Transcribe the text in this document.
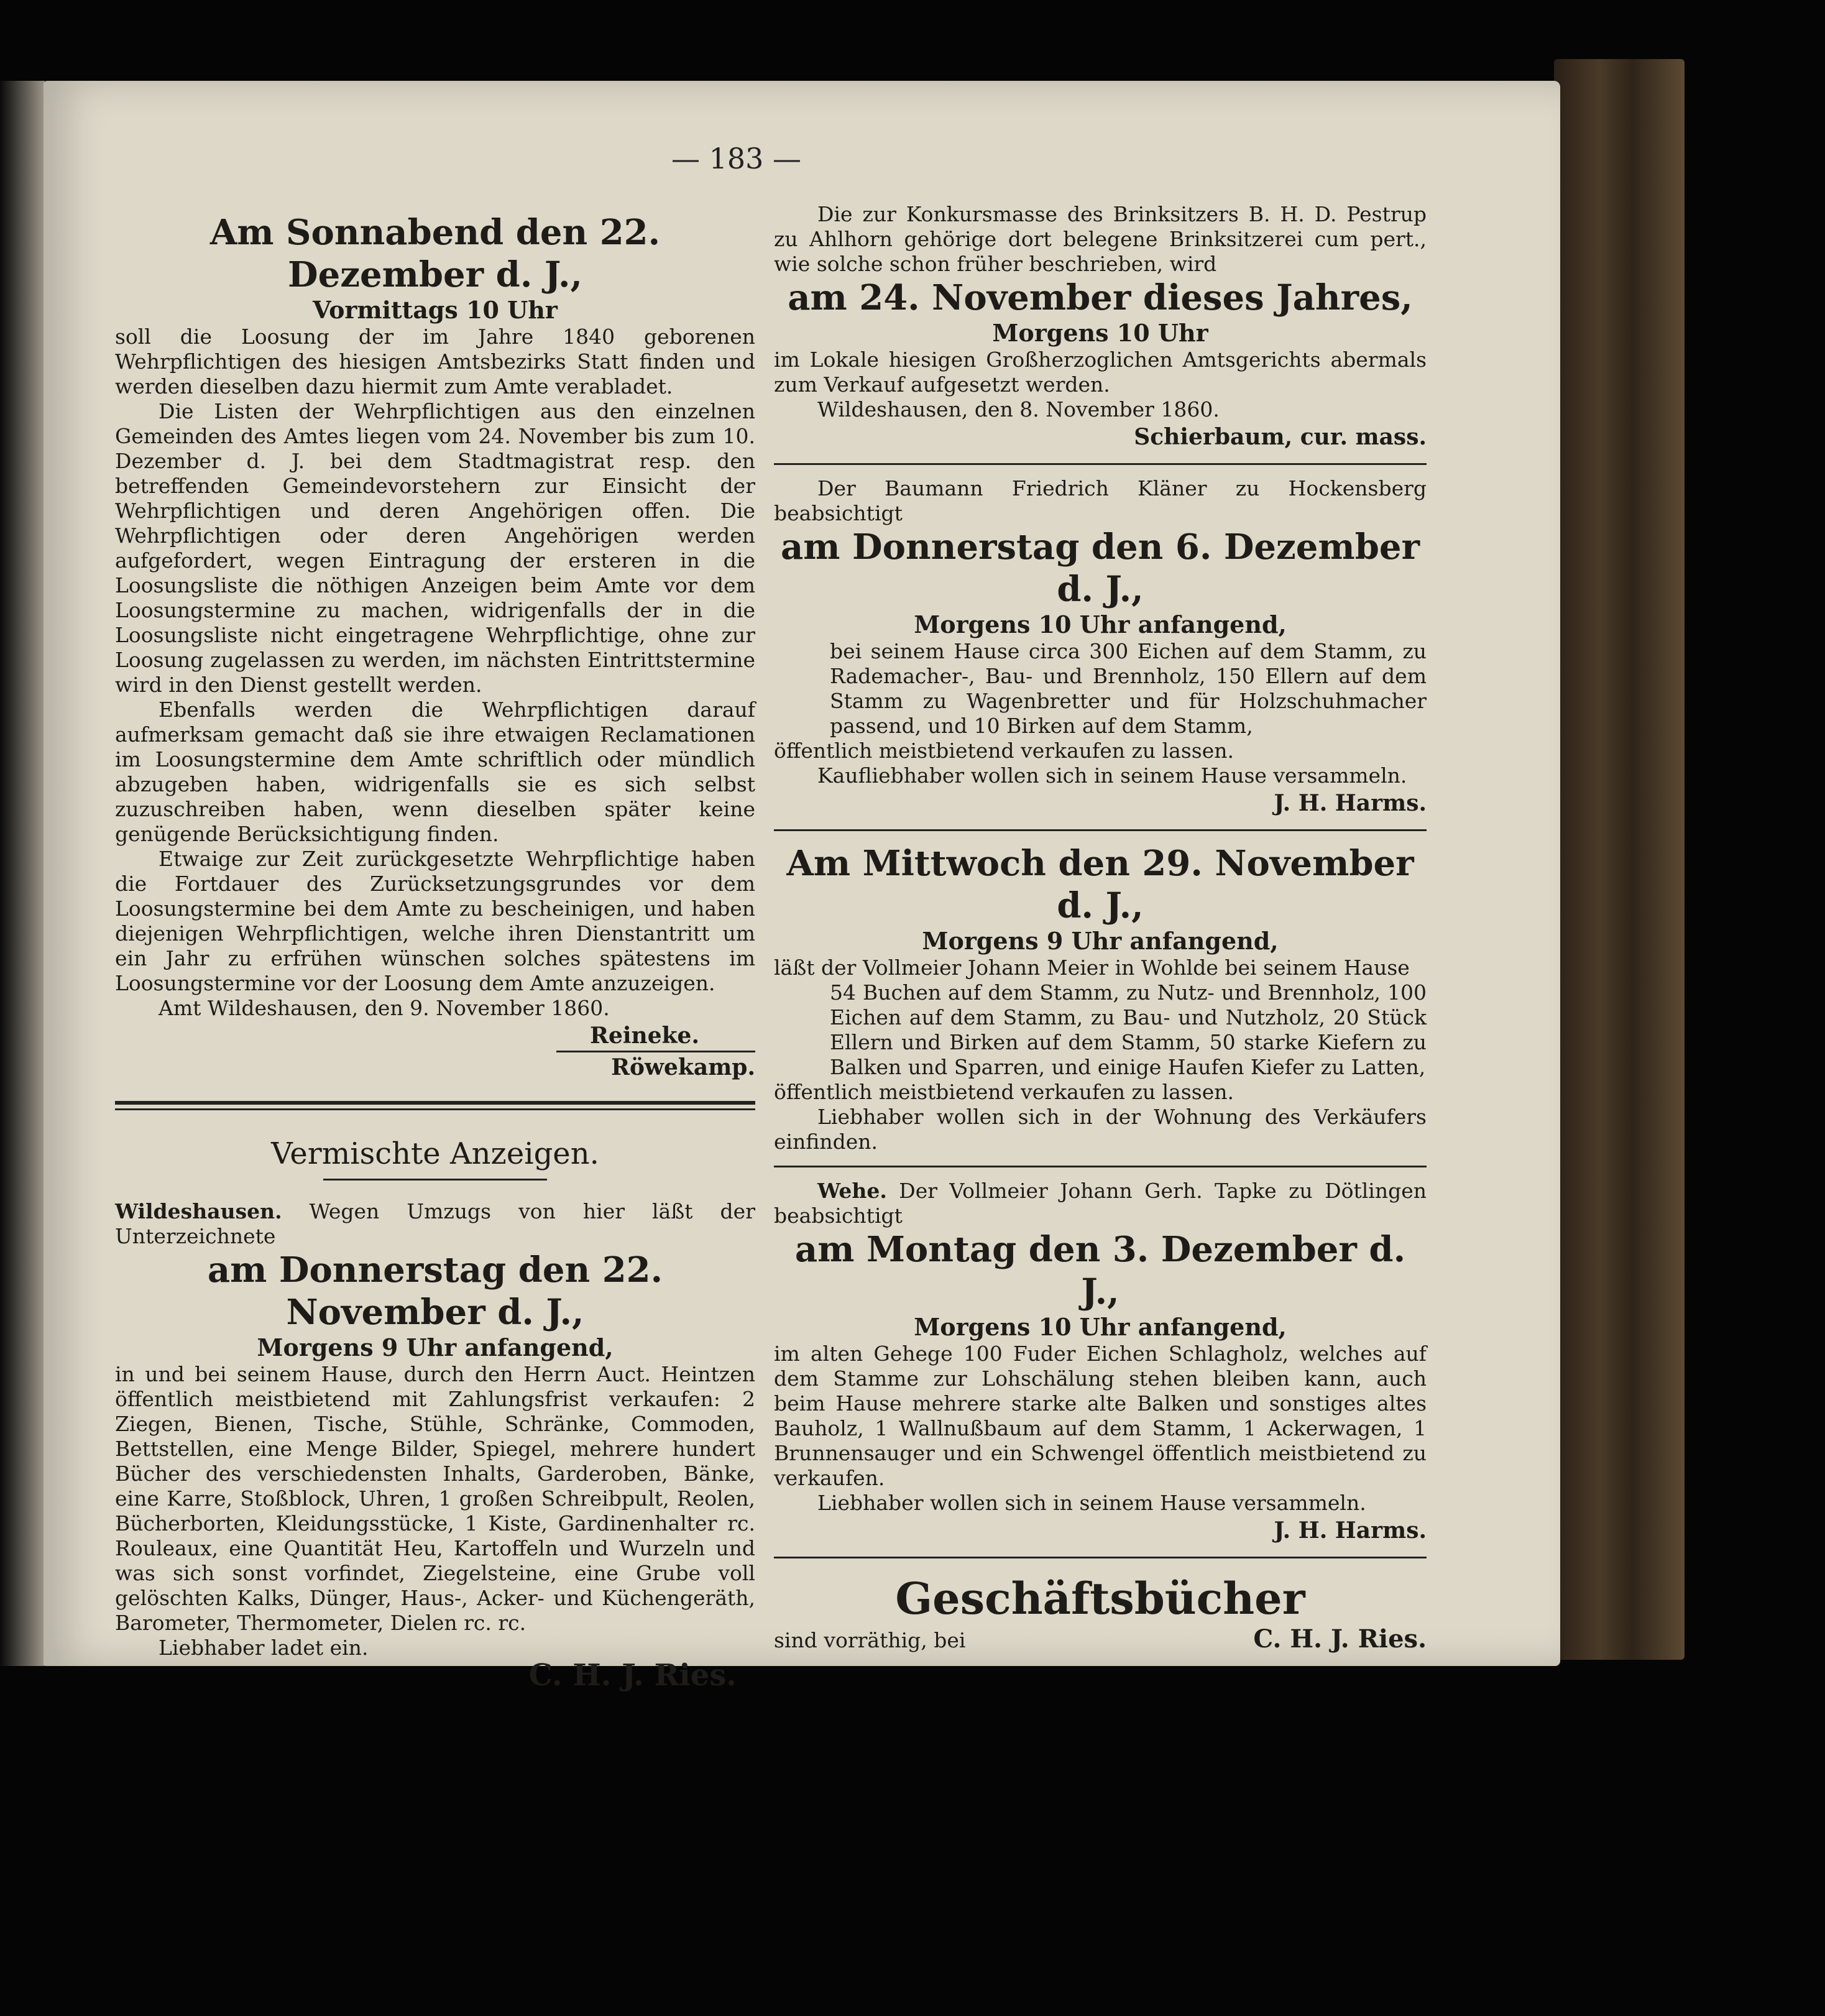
— 183 —

Am Sonnabend den 22. Dezember d. J.,

Vormittags 10 Uhr

soll die Loosung der im Jahre 1840 geborenen Wehrpflichtigen des hiesigen Amtsbezirks Statt finden und werden dieselben dazu hiermit zum Amte verabladet.

Die Listen der Wehrpflichtigen aus den einzelnen Gemeinden des Amtes liegen vom 24. November bis zum 10. Dezember d. J. bei dem Stadtmagistrat resp. den betreffenden Gemeindevorstehern zur Einsicht der Wehrpflichtigen und deren Angehörigen offen. Die Wehrpflichtigen oder deren Angehörigen werden aufgefordert, wegen Eintragung der ersteren in die Loosungsliste die nöthigen Anzeigen beim Amte vor dem Loosungstermine zu machen, widrigenfalls der in die Loosungsliste nicht eingetragene Wehrpflichtige, ohne zur Loosung zugelassen zu werden, im nächsten Eintrittstermine wird in den Dienst gestellt werden.

Ebenfalls werden die Wehrpflichtigen darauf aufmerksam gemacht daß sie ihre etwaigen Reclamationen im Loosungstermine dem Amte schriftlich oder mündlich abzugeben haben, widrigenfalls sie es sich selbst zuzuschreiben haben, wenn dieselben später keine genügende Berücksichtigung finden.

Etwaige zur Zeit zurückgesetzte Wehrpflichtige haben die Fortdauer des Zurücksetzungsgrundes vor dem Loosungstermine bei dem Amte zu bescheinigen, und haben diejenigen Wehrpflichtigen, welche ihren Dienstantritt um ein Jahr zu erfrühen wünschen solches spätestens im Loosungstermine vor der Loosung dem Amte anzuzeigen.

Amt Wildeshausen, den 9. November 1860.

Reineke.

Röwekamp.

Vermischte Anzeigen.

Wildeshausen. Wegen Umzugs von hier läßt der Unterzeichnete

am Donnerstag den 22. November d. J.,

Morgens 9 Uhr anfangend,

in und bei seinem Hause, durch den Herrn Auct. Heintzen öffentlich meistbietend mit Zahlungsfrist verkaufen: 2 Ziegen, Bienen, Tische, Stühle, Schränke, Commoden, Bettstellen, eine Menge Bilder, Spiegel, mehrere hundert Bücher des verschiedensten Inhalts, Garderoben, Bänke, eine Karre, Stoßblock, Uhren, 1 großen Schreibpult, Reolen, Bücherborten, Kleidungsstücke, 1 Kiste, Gardinenhalter rc. Rouleaux, eine Quantität Heu, Kartoffeln und Wurzeln und was sich sonst vorfindet, Ziegelsteine, eine Grube voll gelöschten Kalks, Dünger, Haus-, Acker- und Küchengeräth, Barometer, Thermometer, Dielen rc. rc.

Liebhaber ladet ein.

C. H. J. Ries.

Die zur Konkursmasse des Brinksitzers B. H. D. Pestrup zu Ahlhorn gehörige dort belegene Brinksitzerei cum pert., wie solche schon früher beschrieben, wird

am 24. November dieses Jahres,

Morgens 10 Uhr

im Lokale hiesigen Großherzoglichen Amtsgerichts abermals zum Verkauf aufgesetzt werden.

Wildeshausen, den 8. November 1860.

Schierbaum, cur. mass.

Der Baumann Friedrich Kläner zu Hockensberg beabsichtigt

am Donnerstag den 6. Dezember d. J.,

Morgens 10 Uhr anfangend,

bei seinem Hause circa 300 Eichen auf dem Stamm, zu Rademacher-, Bau- und Brennholz, 150 Ellern auf dem Stamm zu Wagenbretter und für Holzschuhmacher passend, und 10 Birken auf dem Stamm,

öffentlich meistbietend verkaufen zu lassen.

Kaufliebhaber wollen sich in seinem Hause versammeln.

J. H. Harms.

Am Mittwoch den 29. November d. J.,

Morgens 9 Uhr anfangend,

läßt der Vollmeier Johann Meier in Wohlde bei seinem Hause

54 Buchen auf dem Stamm, zu Nutz- und Brennholz, 100 Eichen auf dem Stamm, zu Bau- und Nutzholz, 20 Stück Ellern und Birken auf dem Stamm, 50 starke Kiefern zu Balken und Sparren, und einige Haufen Kiefer zu Latten,

öffentlich meistbietend verkaufen zu lassen.

Liebhaber wollen sich in der Wohnung des Verkäufers einfinden.

Wehe. Der Vollmeier Johann Gerh. Tapke zu Dötlingen beabsichtigt

am Montag den 3. Dezember d. J.,

Morgens 10 Uhr anfangend,

im alten Gehege 100 Fuder Eichen Schlagholz, welches auf dem Stamme zur Lohschälung stehen bleiben kann, auch beim Hause mehrere starke alte Balken und sonstiges altes Bauholz, 1 Wallnußbaum auf dem Stamm, 1 Ackerwagen, 1 Brunnensauger und ein Schwengel öffentlich meistbietend zu verkaufen.

Liebhaber wollen sich in seinem Hause versammeln.

J. H. Harms.

Geschäftsbücher

sind vorräthig, bei	C. H. J. Ries.
